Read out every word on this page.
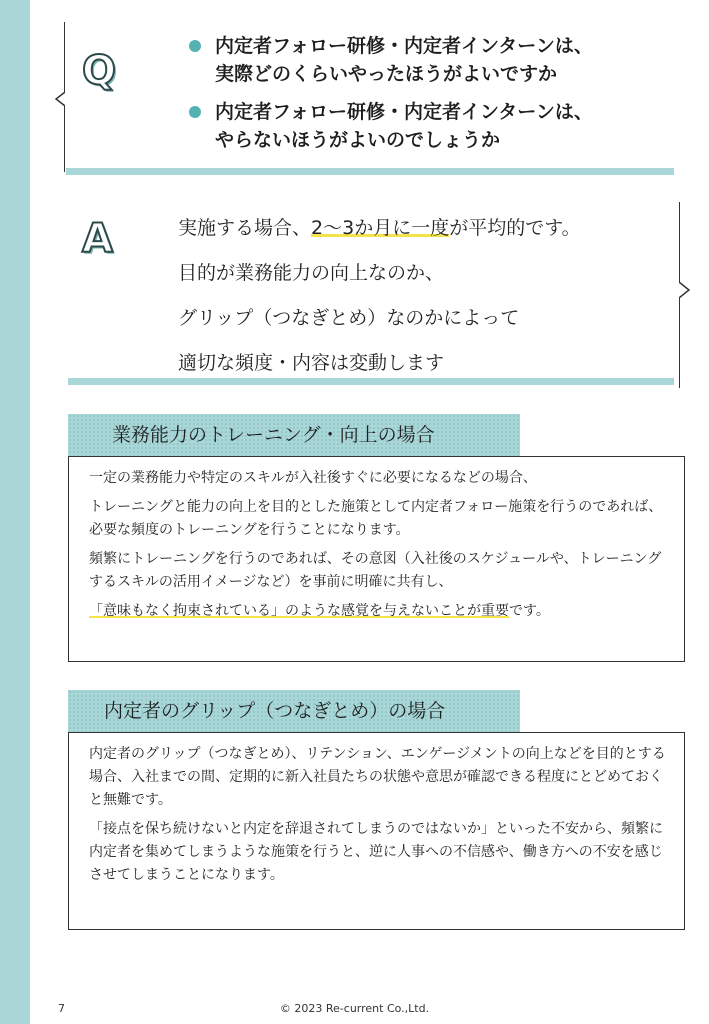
Q
内定者フォロー研修・内定者インターンは、
実際どのくらいやったほうがよいですか
内定者フォロー研修・内定者インターンは、
やらないほうがよいのでしょうか
A	実施する場合、2～3か月に一度が平均的です。
目的が業務能力の向上なのか、
グリップ（つなぎとめ）なのかによって
適切な頻度・内容は変動します
業務能力のトレーニング・向上の場合

一定の業務能力や特定のスキルが入社後すぐに必要になるなどの場合、

トレーニングと能力の向上を目的とした施策として内定者フォロー施策を行うのであれば、必要な頻度のトレーニングを行うことになります。

頻繁にトレーニングを行うのであれば、その意図（入社後のスケジュールや、トレーニングするスキルの活用イメージなど）を事前に明確に共有し、

「意味もなく拘束されている」のような感覚を与えないことが重要です。

内定者のグリップ（つなぎとめ）の場合

内定者のグリップ（つなぎとめ）、リテンション、エンゲージメントの向上などを目的とする場合、入社までの間、定期的に新入社員たちの状態や意思が確認できる程度にとどめておくと無難です。

「接点を保ち続けないと内定を辞退されてしまうのではないか」といった不安から、頻繁に内定者を集めてしまうような施策を行うと、逆に人事への不信感や、働き方への不安を感じさせてしまうことになります。

7	© 2023 Re-current Co.,Ltd.
